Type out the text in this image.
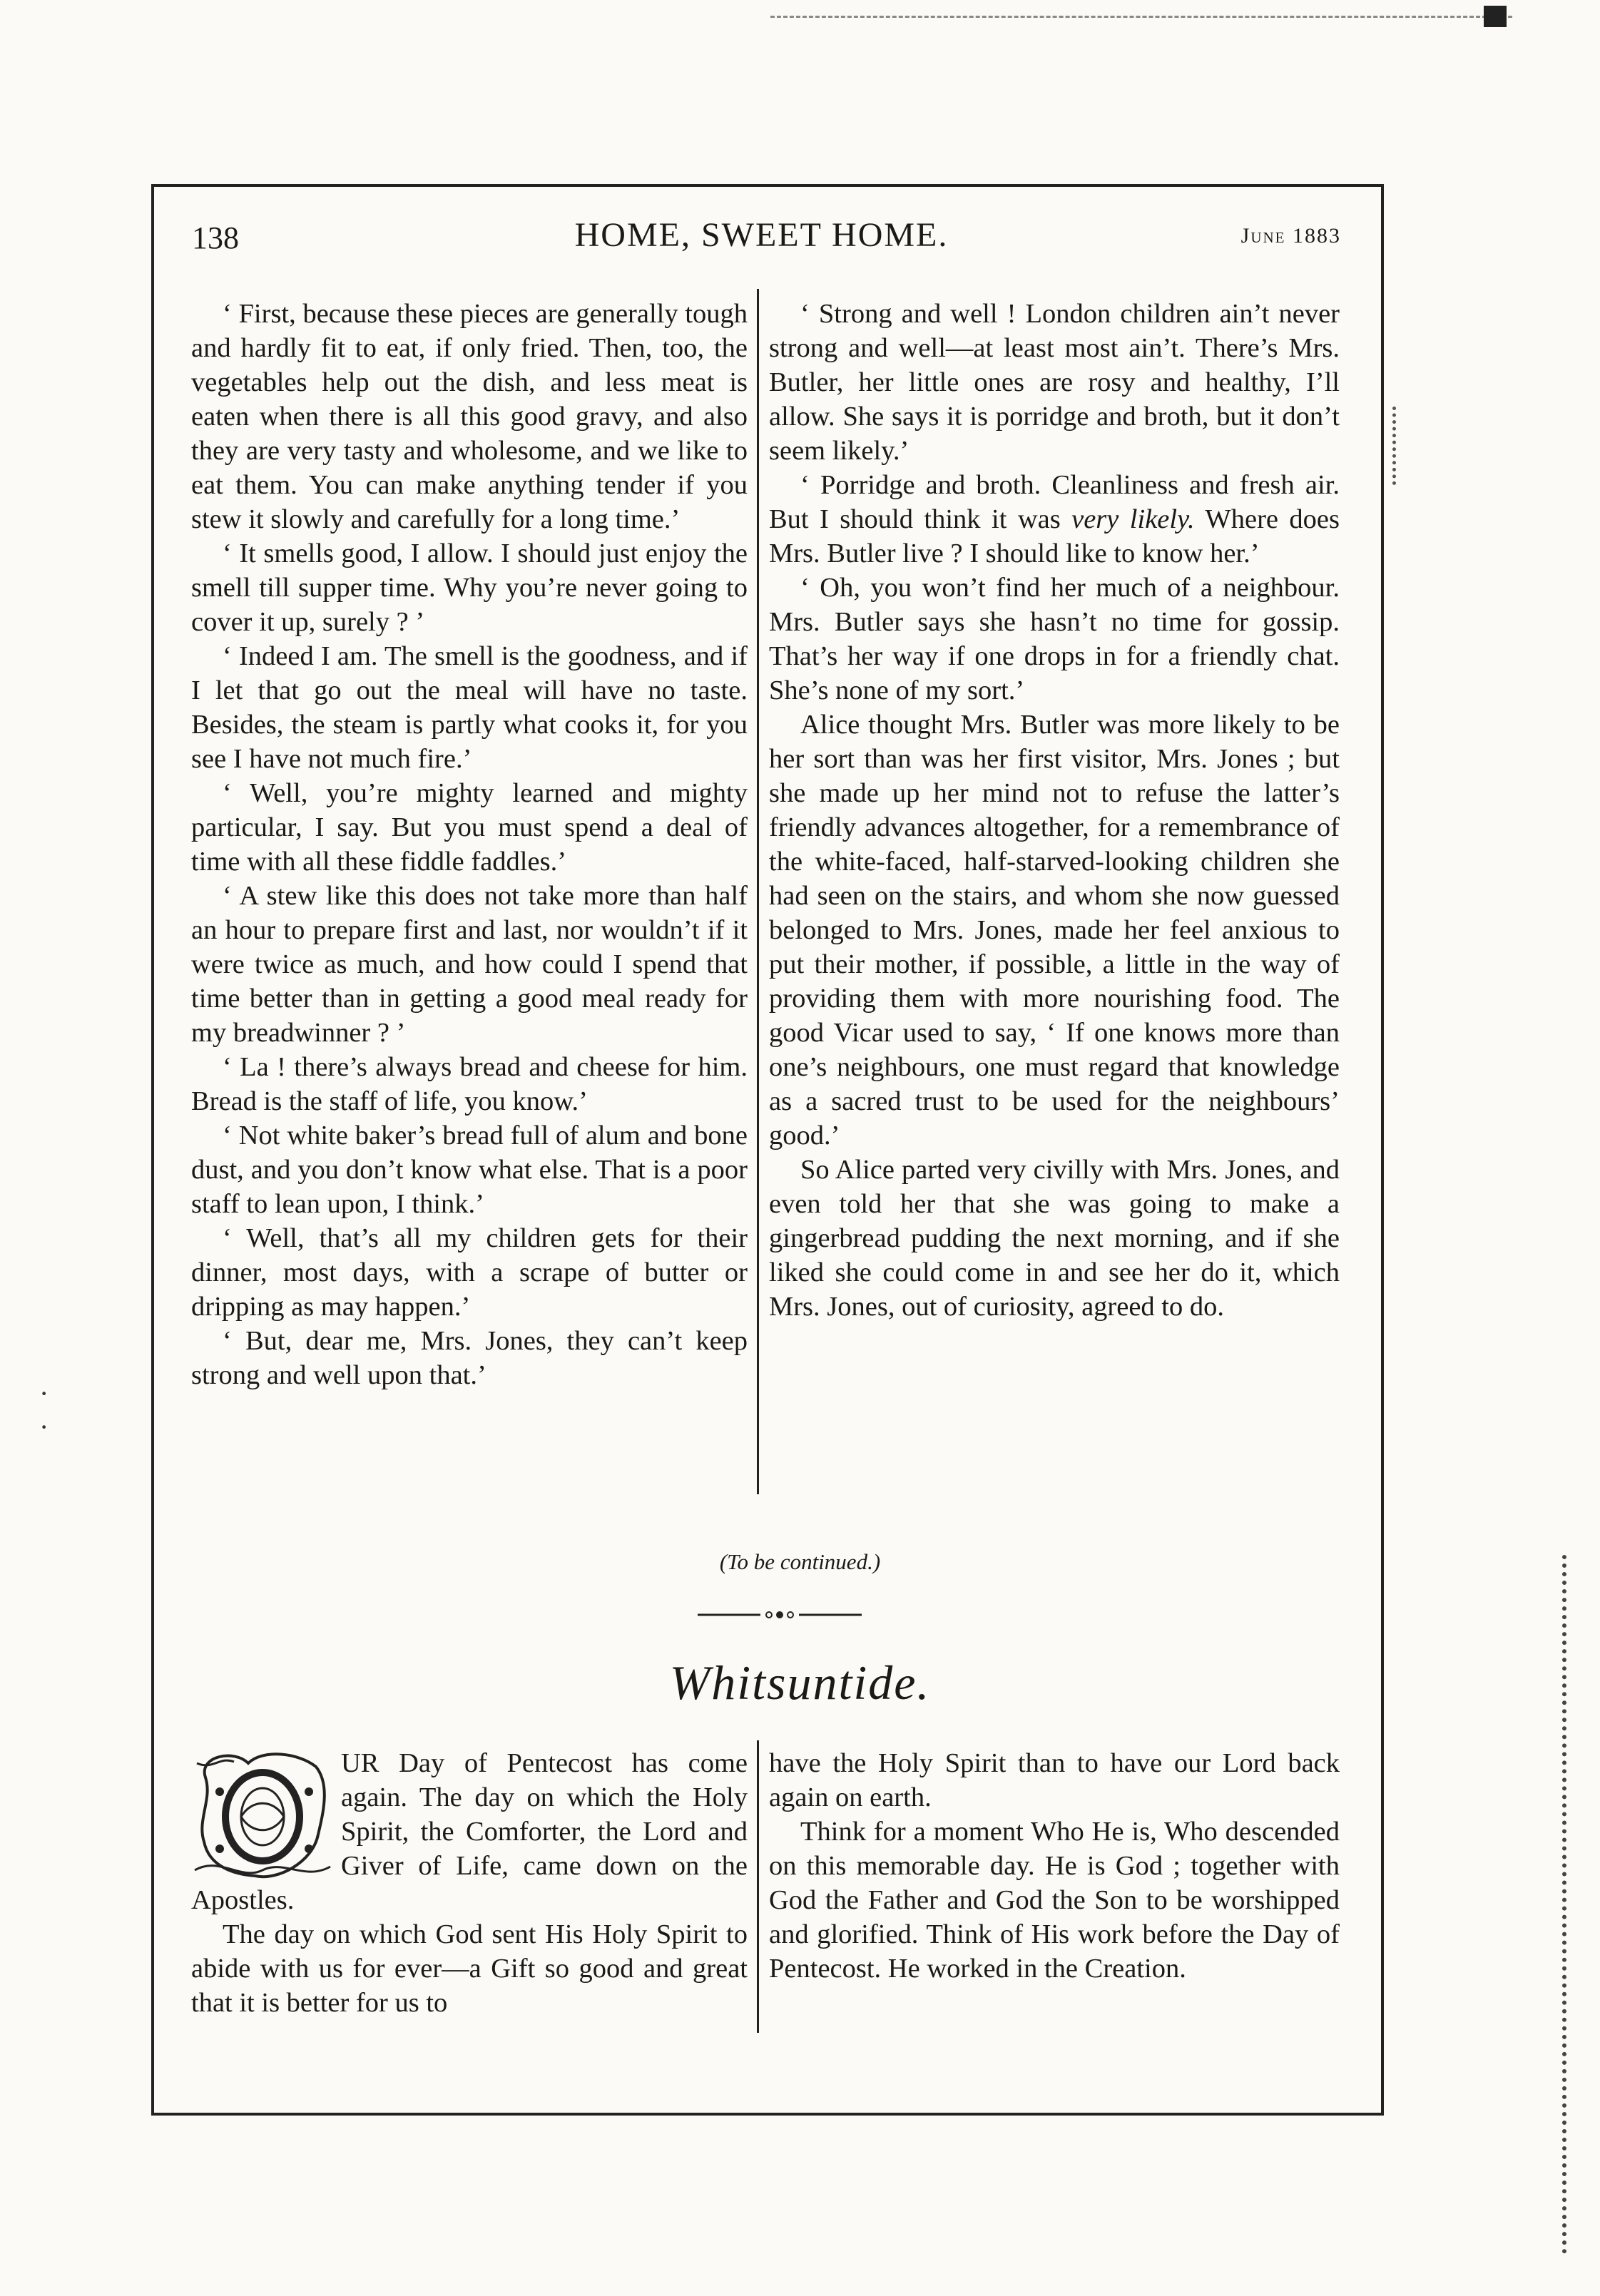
·
·
138	HOME, SWEET HOME.	June 1883

‘ First, because these pieces are generally tough and hardly fit to eat, if only fried. Then, too, the vegetables help out the dish, and less meat is eaten when there is all this good gravy, and also they are very tasty and wholesome, and we like to eat them. You can make anything tender if you stew it slowly and carefully for a long time.’

‘ It smells good, I allow. I should just enjoy the smell till supper time. Why you’re never going to cover it up, surely ? ’

‘ Indeed I am. The smell is the goodness, and if I let that go out the meal will have no taste. Besides, the steam is partly what cooks it, for you see I have not much fire.’

‘ Well, you’re mighty learned and mighty particular, I say. But you must spend a deal of time with all these fiddle faddles.’

‘ A stew like this does not take more than half an hour to prepare first and last, nor wouldn’t if it were twice as much, and how could I spend that time better than in getting a good meal ready for my breadwinner ? ’

‘ La ! there’s always bread and cheese for him. Bread is the staff of life, you know.’

‘ Not white baker’s bread full of alum and bone dust, and you don’t know what else. That is a poor staff to lean upon, I think.’

‘ Well, that’s all my children gets for their dinner, most days, with a scrape of butter or dripping as may happen.’

‘ But, dear me, Mrs. Jones, they can’t keep strong and well upon that.’

‘ Strong and well ! London children ain’t never strong and well—at least most ain’t. There’s Mrs. Butler, her little ones are rosy and healthy, I’ll allow. She says it is porridge and broth, but it don’t seem likely.’

‘ Porridge and broth. Cleanliness and fresh air. But I should think it was very likely. Where does Mrs. Butler live ? I should like to know her.’

‘ Oh, you won’t find her much of a neighbour. Mrs. Butler says she hasn’t no time for gossip. That’s her way if one drops in for a friendly chat. She’s none of my sort.’

Alice thought Mrs. Butler was more likely to be her sort than was her first visitor, Mrs. Jones ; but she made up her mind not to refuse the latter’s friendly advances altogether, for a remembrance of the white-faced, half-starved-looking children she had seen on the stairs, and whom she now guessed belonged to Mrs. Jones, made her feel anxious to put their mother, if possible, a little in the way of providing them with more nourishing food. The good Vicar used to say, ‘ If one knows more than one’s neighbours, one must regard that knowledge as a sacred trust to be used for the neighbours’ good.’

So Alice parted very civilly with Mrs. Jones, and even told her that she was going to make a gingerbread pudding the next morning, and if she liked she could come in and see her do it, which Mrs. Jones, out of curiosity, agreed to do.

(To be continued.)
Whitsuntide.

UR Day of Pentecost has come again. The day on which the Holy Spirit, the Comforter, the Lord and Giver of Life, came down on the Apostles.

The day on which God sent His Holy Spirit to abide with us for ever—a Gift so good and great that it is better for us to

have the Holy Spirit than to have our Lord back again on earth.

Think for a moment Who He is, Who descended on this memorable day. He is God ; together with God the Father and God the Son to be worshipped and glorified. Think of His work before the Day of Pentecost. He worked in the Creation.
